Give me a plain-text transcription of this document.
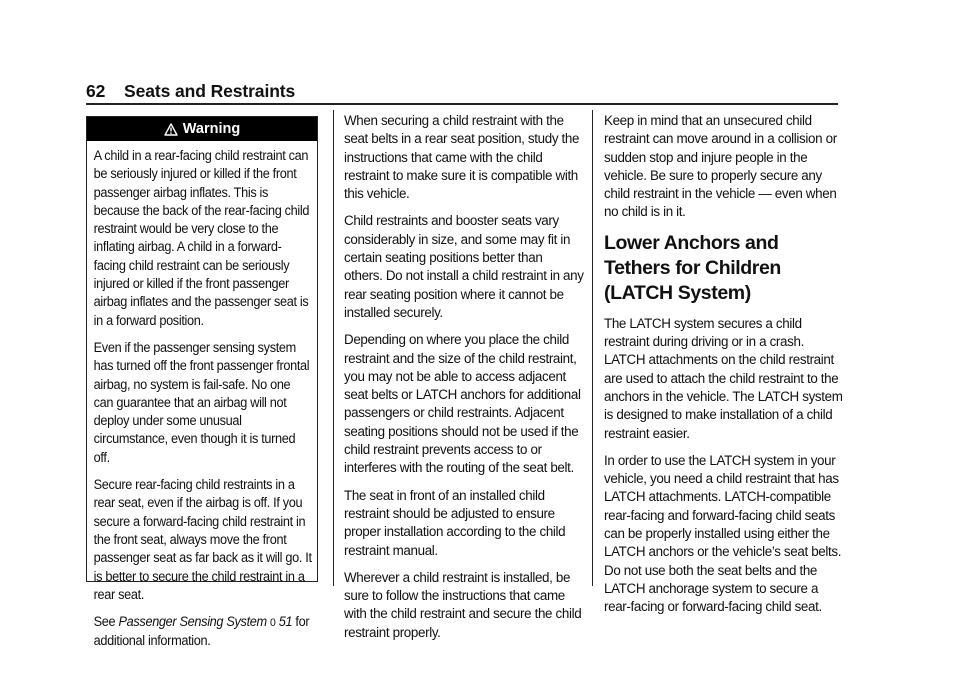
62 Seats and Restraints
Warning

A child in a rear-facing child restraint can be seriously injured or killed if the front passenger airbag inflates. This is because the back of the rear-facing child restraint would be very close to the inflating airbag. A child in a forward-facing child restraint can be seriously injured or killed if the front passenger airbag inflates and the passenger seat is in a forward position.

Even if the passenger sensing system has turned off the front passenger frontal airbag, no system is fail-safe. No one can guarantee that an airbag will not deploy under some unusual circumstance, even though it is turned off.

Secure rear-facing child restraints in a rear seat, even if the airbag is off. If you secure a forward-facing child restraint in the front seat, always move the front passenger seat as far back as it will go. It is better to secure the child restraint in a rear seat.

See Passenger Sensing System 0 51 for additional information.

When securing a child restraint with the seat belts in a rear seat position, study the instructions that came with the child restraint to make sure it is compatible with this vehicle.

Child restraints and booster seats vary considerably in size, and some may fit in certain seating positions better than others. Do not install a child restraint in any rear seating position where it cannot be installed securely.

Depending on where you place the child restraint and the size of the child restraint, you may not be able to access adjacent seat belts or LATCH anchors for additional passengers or child restraints. Adjacent seating positions should not be used if the child restraint prevents access to or interferes with the routing of the seat belt.

The seat in front of an installed child restraint should be adjusted to ensure proper installation according to the child restraint manual.

Wherever a child restraint is installed, be sure to follow the instructions that came with the child restraint and secure the child restraint properly.

Keep in mind that an unsecured child restraint can move around in a collision or sudden stop and injure people in the vehicle. Be sure to properly secure any child restraint in the vehicle — even when no child is in it.

Lower Anchors and Tethers for Children (LATCH System)

The LATCH system secures a child restraint during driving or in a crash. LATCH attachments on the child restraint are used to attach the child restraint to the anchors in the vehicle. The LATCH system is designed to make installation of a child restraint easier.

In order to use the LATCH system in your vehicle, you need a child restraint that has LATCH attachments. LATCH-compatible rear-facing and forward-facing child seats can be properly installed using either the LATCH anchors or the vehicle’s seat belts. Do not use both the seat belts and the LATCH anchorage system to secure a rear-facing or forward-facing child seat.
